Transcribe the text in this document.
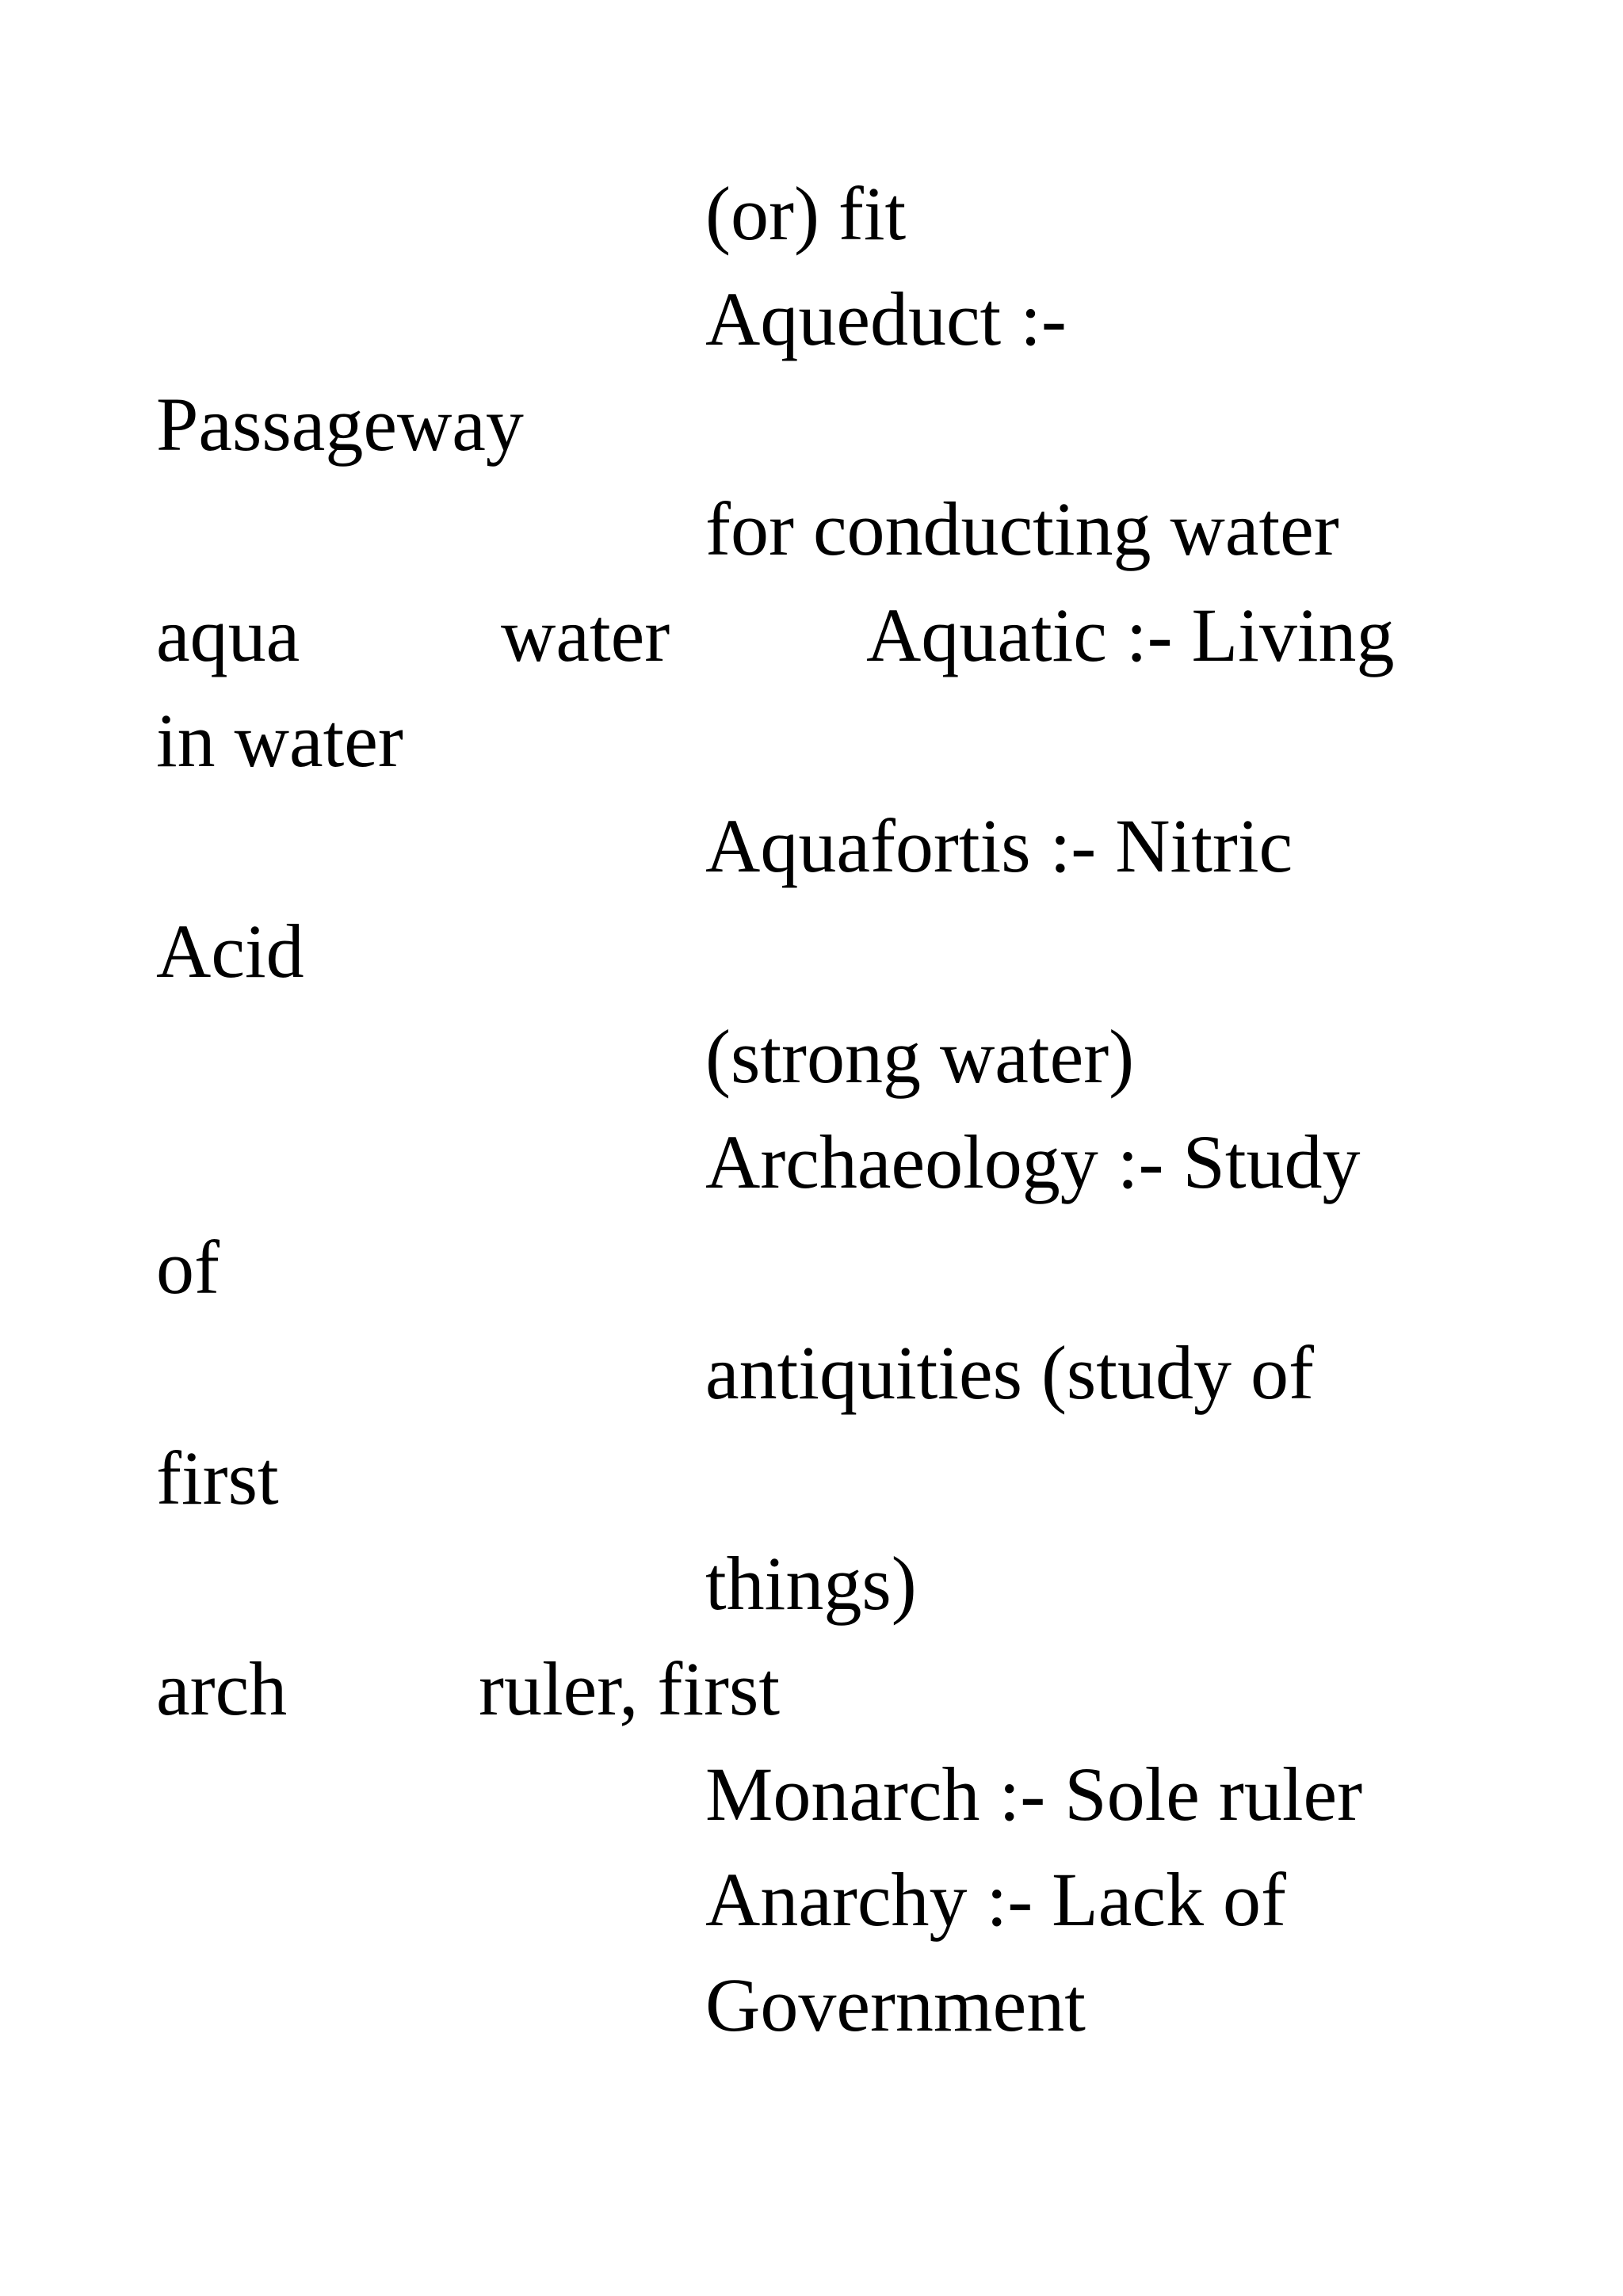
(or) fit
Aqueduct :-
Passageway
for conducting water
aqua	water	Aquatic :- Living
in water
Aquafortis :- Nitric
Acid
(strong water)
Archaeology :- Study
of
antiquities (study of
first
things)
arch	ruler, first
Monarch :- Sole ruler
Anarchy :- Lack of
Government
